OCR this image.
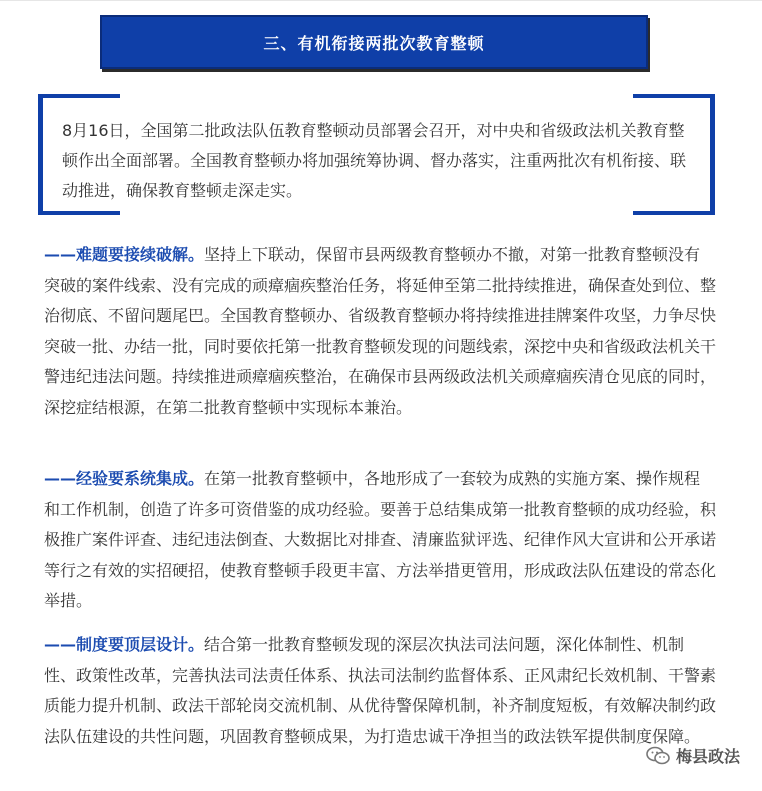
三、有机衔接两批次教育整顿
8月16日，全国第二批政法队伍教育整顿动员部署会召开，对中央和省级政法机关教育整顿作出全面部署。全国教育整顿办将加强统筹协调、督办落实，注重两批次有机衔接、联动推进，确保教育整顿走深走实。
——难题要接续破解。坚持上下联动，保留市县两级教育整顿办不撤，对第一批教育整顿没有突破的案件线索、没有完成的顽瘴痼疾整治任务，将延伸至第二批持续推进，确保查处到位、整治彻底、不留问题尾巴。全国教育整顿办、省级教育整顿办将持续推进挂牌案件攻坚，力争尽快突破一批、办结一批，同时要依托第一批教育整顿发现的问题线索，深挖中央和省级政法机关干警违纪违法问题。持续推进顽瘴痼疾整治，在确保市县两级政法机关顽瘴痼疾清仓见底的同时，深挖症结根源，在第二批教育整顿中实现标本兼治。
——经验要系统集成。在第一批教育整顿中，各地形成了一套较为成熟的实施方案、操作规程和工作机制，创造了许多可资借鉴的成功经验。要善于总结集成第一批教育整顿的成功经验，积极推广案件评查、违纪违法倒查、大数据比对排查、清廉监狱评选、纪律作风大宣讲和公开承诺等行之有效的实招硬招，使教育整顿手段更丰富、方法举措更管用，形成政法队伍建设的常态化举措。
——制度要顶层设计。结合第一批教育整顿发现的深层次执法司法问题，深化体制性、机制性、政策性改革，完善执法司法责任体系、执法司法制约监督体系、正风肃纪长效机制、干警素质能力提升机制、政法干部轮岗交流机制、从优待警保障机制，补齐制度短板，有效解决制约政法队伍建设的共性问题，巩固教育整顿成果，为打造忠诚干净担当的政法铁军提供制度保障。
梅县政法
